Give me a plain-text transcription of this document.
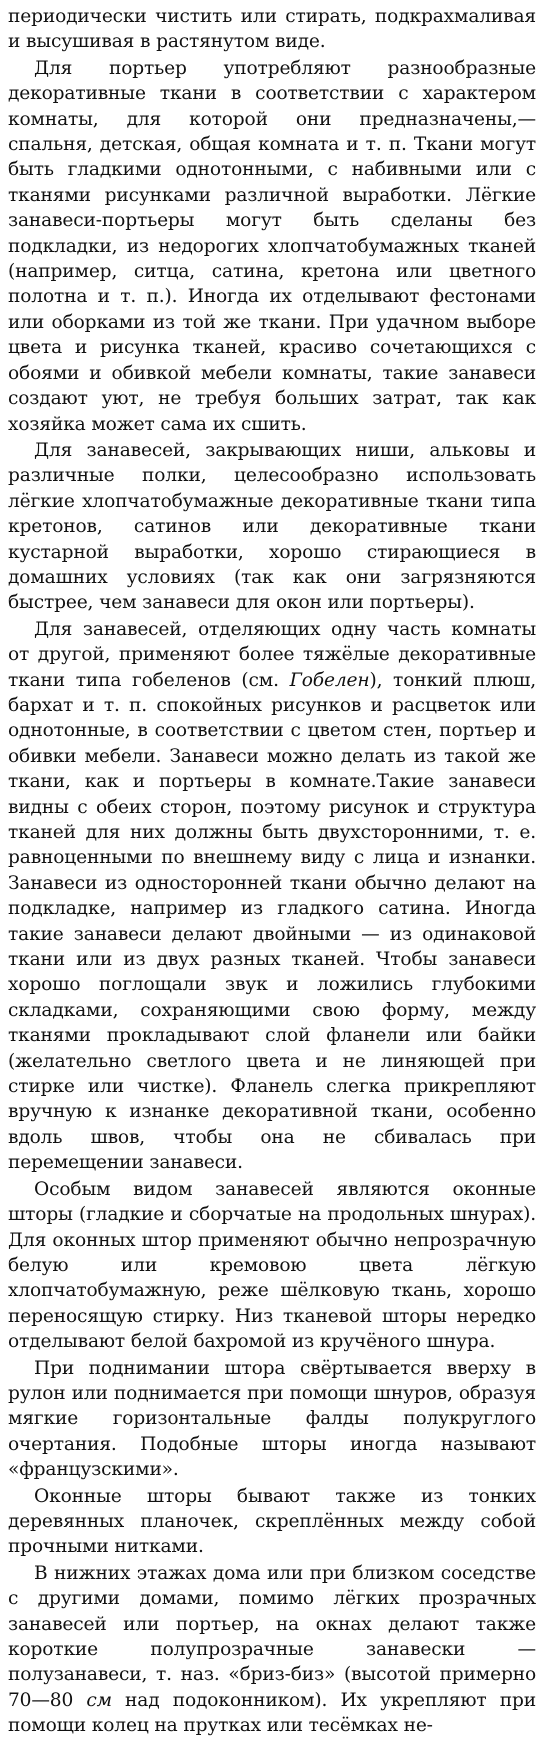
периодически чистить или стирать, подкрахмаливая и высушивая в растянутом виде.

Для портьер употребляют разнообразные декоративные ткани в соответствии с характером комнаты, для которой они предназначены,— спальня, детская, общая комната и т. п. Ткани могут быть гладкими однотонными, с набивными или с тканями рисунками различной выработки. Лёгкие занавеси-портьеры могут быть сделаны без подкладки, из недорогих хлопчатобумажных тканей (например, ситца, сатина, кретона или цветного полотна и т. п.). Иногда их отделывают фестонами или оборками из той же ткани. При удачном выборе цвета и рисунка тканей, красиво сочетающихся с обоями и обивкой мебели комнаты, такие занавеси создают уют, не требуя больших затрат, так как хозяйка может сама их сшить.

Для занавесей, закрывающих ниши, альковы и различные полки, целесообразно использовать лёгкие хлопчатобумажные декоративные ткани типа кретонов, сатинов или декоративные ткани кустарной выработки, хорошо стирающиеся в домашних условиях (так как они загрязняются быстрее, чем занавеси для окон или портьеры).

Для занавесей, отделяющих одну часть комнаты от другой, применяют более тяжёлые декоративные ткани типа гобеленов (см. Гобелен), тонкий плюш, бархат и т. п. спокойных рисунков и расцветок или однотонные, в соответствии с цветом стен, портьер и обивки мебели. Занавеси можно делать из такой же ткани, как и портьеры в комнате.Такие занавеси видны с обеих сторон, поэтому рисунок и структура тканей для них должны быть двухсторонними, т. е. равноценными по внешнему виду с лица и изнанки. Занавеси из односторонней ткани обычно делают на подкладке, например из гладкого сатина. Иногда такие занавеси делают двойными — из одинаковой ткани или из двух разных тканей. Чтобы занавеси хорошо поглощали звук и ложились глубокими складками, сохраняющими свою форму, между тканями прокладывают слой фланели или байки (желательно светлого цвета и не линяющей при стирке или чистке). Фланель слегка прикрепляют вручную к изнанке декоративной ткани, особенно вдоль швов, чтобы она не сбивалась при перемещении занавеси.

Особым видом занавесей являются оконные шторы (гладкие и сборчатые на продольных шнурах). Для оконных штор применяют обычно непрозрачную белую или кремовою цвета лёгкую хлопчатобумажную, реже шёлковую ткань, хорошо переносящую стирку. Низ тканевой шторы нередко отделывают белой бахромой из кручёного шнура.

При поднимании штора свёртывается вверху в рулон или поднимается при помощи шнуров, образуя мягкие горизонтальные фалды полукруглого очертания. Подобные шторы иногда называют «французскими».

Оконные шторы бывают также из тонких деревянных планочек, скреплённых между собой прочными нитками.

В нижних этажах дома или при близком соседстве с другими домами, помимо лёгких прозрачных занавесей или портьер, на окнах делают также короткие полупрозрачные занавески — полузанавеси, т. наз. «бриз-биз» (высотой примерно 70—80 см над подоконником). Их укрепляют при помощи колец на прутках или тесёмках не-
